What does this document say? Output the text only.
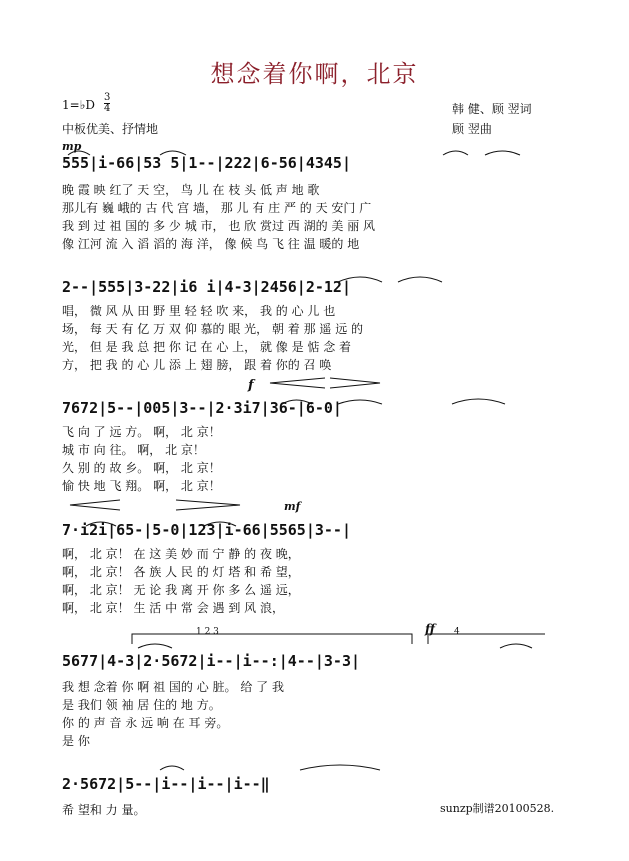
想念着你啊，北京
1=♭D
3
4
中板优美、抒情地
韩 健、顾 翌词
顾 翌曲
mp
f
mf
ff
1 2 3	4
555|i-66|53 5|1--|222|6-56|4345|
晚 霞 映 红了 天 空， 鸟 儿 在 枝 头 低 声 地 歌
那儿有 巍 峨的 古 代 宫 墙， 那 儿 有 庄 严 的 天 安门 广
我 到 过 祖 国的 多 少 城 市， 也 欣 赏过 西 湖的 美 丽 风
像 江河 流 入 滔 滔的 海 洋， 像 候 鸟 飞 往 温 暖的 地
2--|555|3-22|i6 i|4-3|2456|2-12|
唱， 微 风 从 田 野 里 轻 轻 吹 来， 我 的 心 儿 也
场， 每 天 有 亿 万 双 仰 慕的 眼 光， 朝 着 那 遥 远 的
光， 但 是 我 总 把 你 记 在 心 上， 就 像 是 惦 念 着
方， 把 我 的 心 儿 添 上 翅 膀， 跟 着 你的 召 唤
7672|5--|005|3--|2·3i7|36-|6-0|
飞 向 了 远 方。 啊， 北 京！
城 市 向 往。 啊， 北 京！
久 别 的 故 乡。 啊， 北 京！
愉 快 地 飞 翔。 啊， 北 京！
7·i2i|65-|5-0|123|i-66|5565|3--|
啊， 北 京！ 在 这 美 妙 而 宁 静 的 夜 晚，
啊， 北 京！ 各 族 人 民 的 灯 塔 和 希 望，
啊， 北 京！ 无 论 我 离 开 你 多 么 遥 远，
啊， 北 京！ 生 活 中 常 会 遇 到 风 浪，
5677|4-3|2·5672|i--|i--:|4--|3-3|
我 想 念着 你 啊 祖 国的 心 脏。 给 了 我
是 我们 领 袖 居 住的 地 方。
你 的 声 音 永 远 响 在 耳 旁。
是 你
2·5672|5--|i--|i--|i--‖
希 望和 力 量。	sunzp制谱20100528.
